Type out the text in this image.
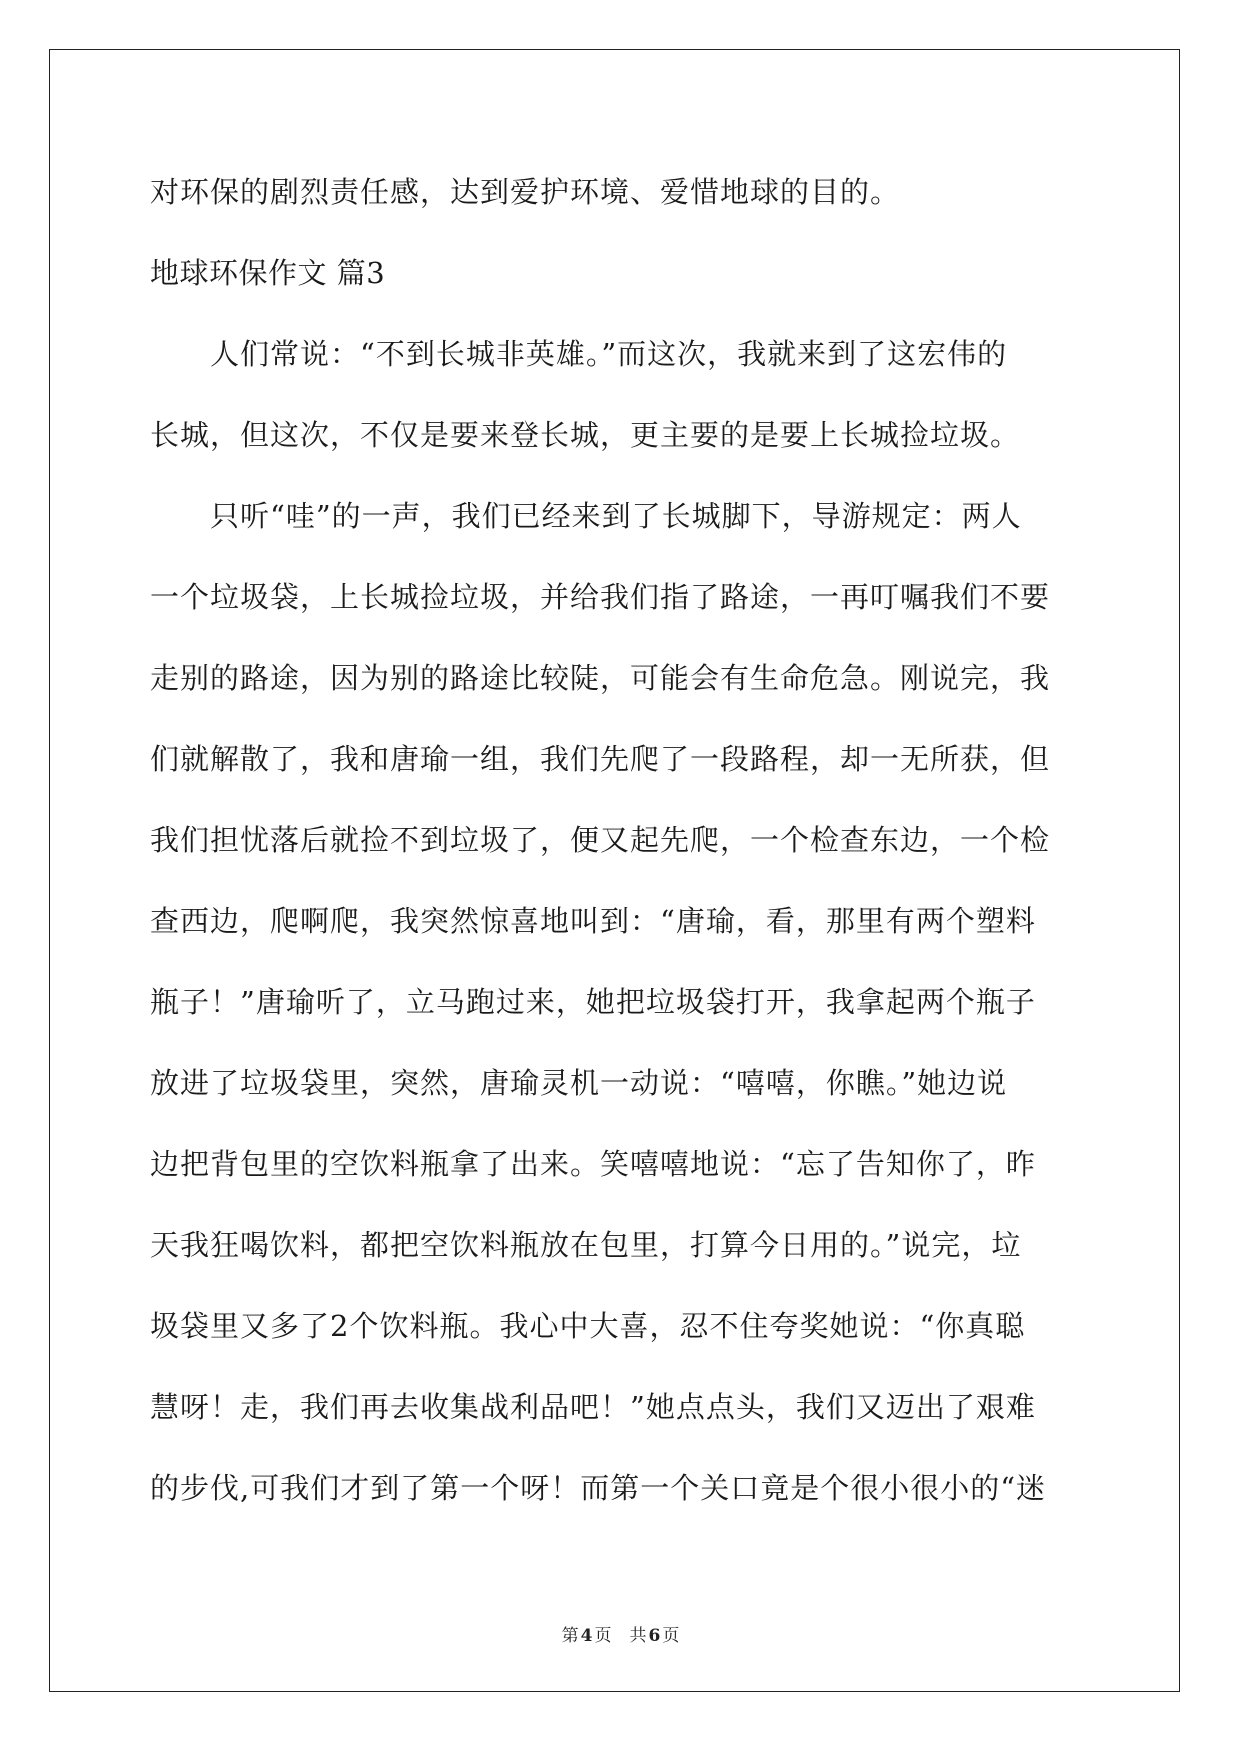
对环保的剧烈责任感，达到爱护环境、爱惜地球的目的。
地球环保作文 篇3
　　人们常说：“不到长城非英雄。”而这次，我就来到了这宏伟的
长城，但这次，不仅是要来登长城，更主要的是要上长城捡垃圾。
　　只听“哇”的一声，我们已经来到了长城脚下，导游规定：两人
一个垃圾袋，上长城捡垃圾，并给我们指了路途，一再叮嘱我们不要
走别的路途，因为别的路途比较陡，可能会有生命危急。刚说完，我
们就解散了，我和唐瑜一组，我们先爬了一段路程，却一无所获，但
我们担忧落后就捡不到垃圾了，便又起先爬，一个检查东边，一个检
查西边，爬啊爬，我突然惊喜地叫到：“唐瑜，看，那里有两个塑料
瓶子！”唐瑜听了，立马跑过来，她把垃圾袋打开，我拿起两个瓶子
放进了垃圾袋里，突然，唐瑜灵机一动说：“嘻嘻，你瞧。”她边说
边把背包里的空饮料瓶拿了出来。笑嘻嘻地说：“忘了告知你了，昨
天我狂喝饮料，都把空饮料瓶放在包里，打算今日用的。”说完，垃
圾袋里又多了2个饮料瓶。我心中大喜，忍不住夸奖她说：“你真聪
慧呀！走，我们再去收集战利品吧！”她点点头，我们又迈出了艰难
的步伐,可我们才到了第一个呀！而第一个关口竟是个很小很小的“迷
第 4 页 共 6 页
